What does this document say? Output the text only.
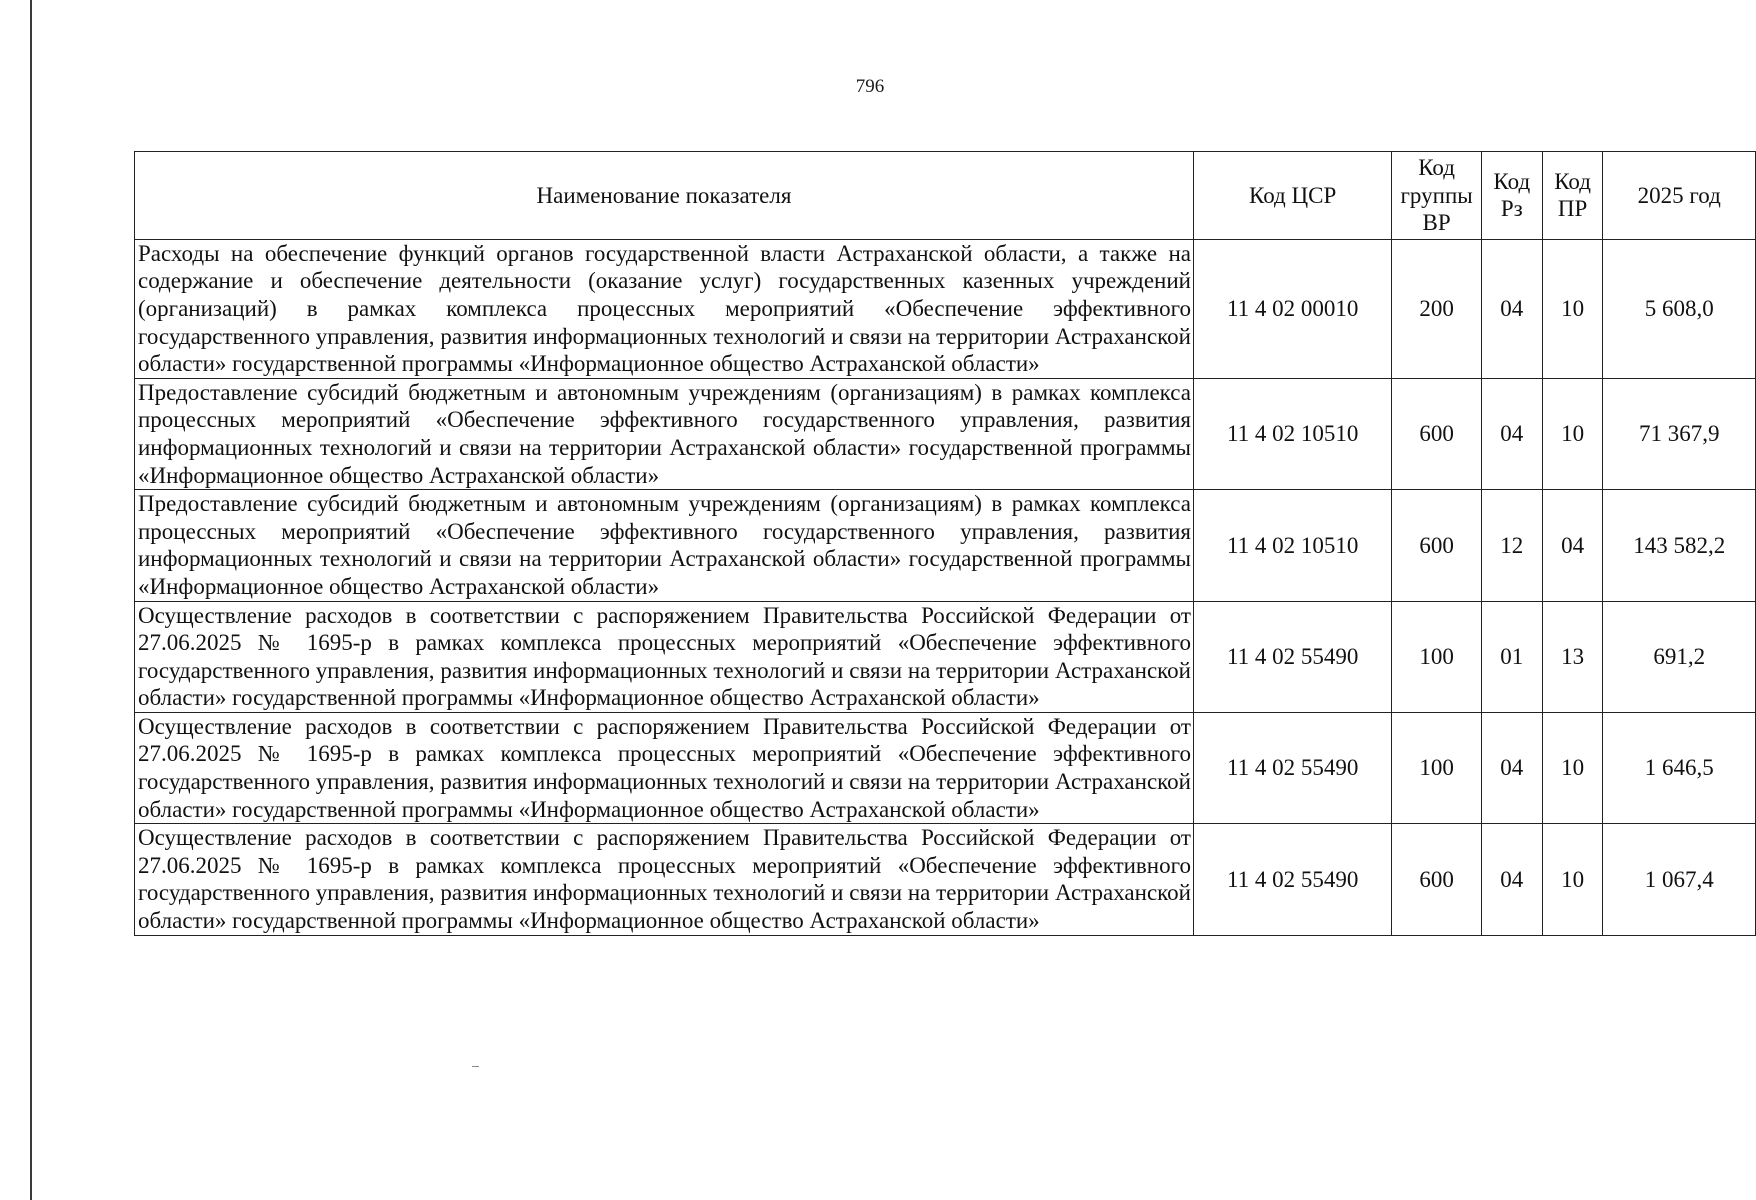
796
Наименование показателя	Код ЦСР	Код группы ВР	Код Рз	Код ПР	2025 год
Расходы на обеспечение функций органов государственной власти Астраханской области, а также на содержание и обеспечение деятельности (оказание услуг) государственных казенных учреждений (организаций) в рамках комплекса процессных мероприятий «Обеспечение эффективного государственного управления, развития информационных технологий и связи на территории Астраханской области» государственной программы «Информационное общество Астраханской области»	11 4 02 00010	200	04	10	5 608,0
Предоставление субсидий бюджетным и автономным учреждениям (организациям) в рамках комплекса процессных мероприятий «Обеспечение эффективного государственного управления, развития информационных технологий и связи на территории Астраханской области» государственной программы «Информационное общество Астраханской области»	11 4 02 10510	600	04	10	71 367,9
Предоставление субсидий бюджетным и автономным учреждениям (организациям) в рамках комплекса процессных мероприятий «Обеспечение эффективного государственного управления, развития информационных технологий и связи на территории Астраханской области» государственной программы «Информационное общество Астраханской области»	11 4 02 10510	600	12	04	143 582,2
Осуществление расходов в соответствии с распоряжением Правительства Российской Федерации от 27.06.2025 № 1695-р в рамках комплекса процессных мероприятий «Обеспечение эффективного государственного управления, развития информационных технологий и связи на территории Астраханской области» государственной программы «Информационное общество Астраханской области»	11 4 02 55490	100	01	13	691,2
Осуществление расходов в соответствии с распоряжением Правительства Российской Федерации от 27.06.2025 № 1695-р в рамках комплекса процессных мероприятий «Обеспечение эффективного государственного управления, развития информационных технологий и связи на территории Астраханской области» государственной программы «Информационное общество Астраханской области»	11 4 02 55490	100	04	10	1 646,5
Осуществление расходов в соответствии с распоряжением Правительства Российской Федерации от 27.06.2025 № 1695-р в рамках комплекса процессных мероприятий «Обеспечение эффективного государственного управления, развития информационных технологий и связи на территории Астраханской области» государственной программы «Информационное общество Астраханской области»	11 4 02 55490	600	04	10	1 067,4
